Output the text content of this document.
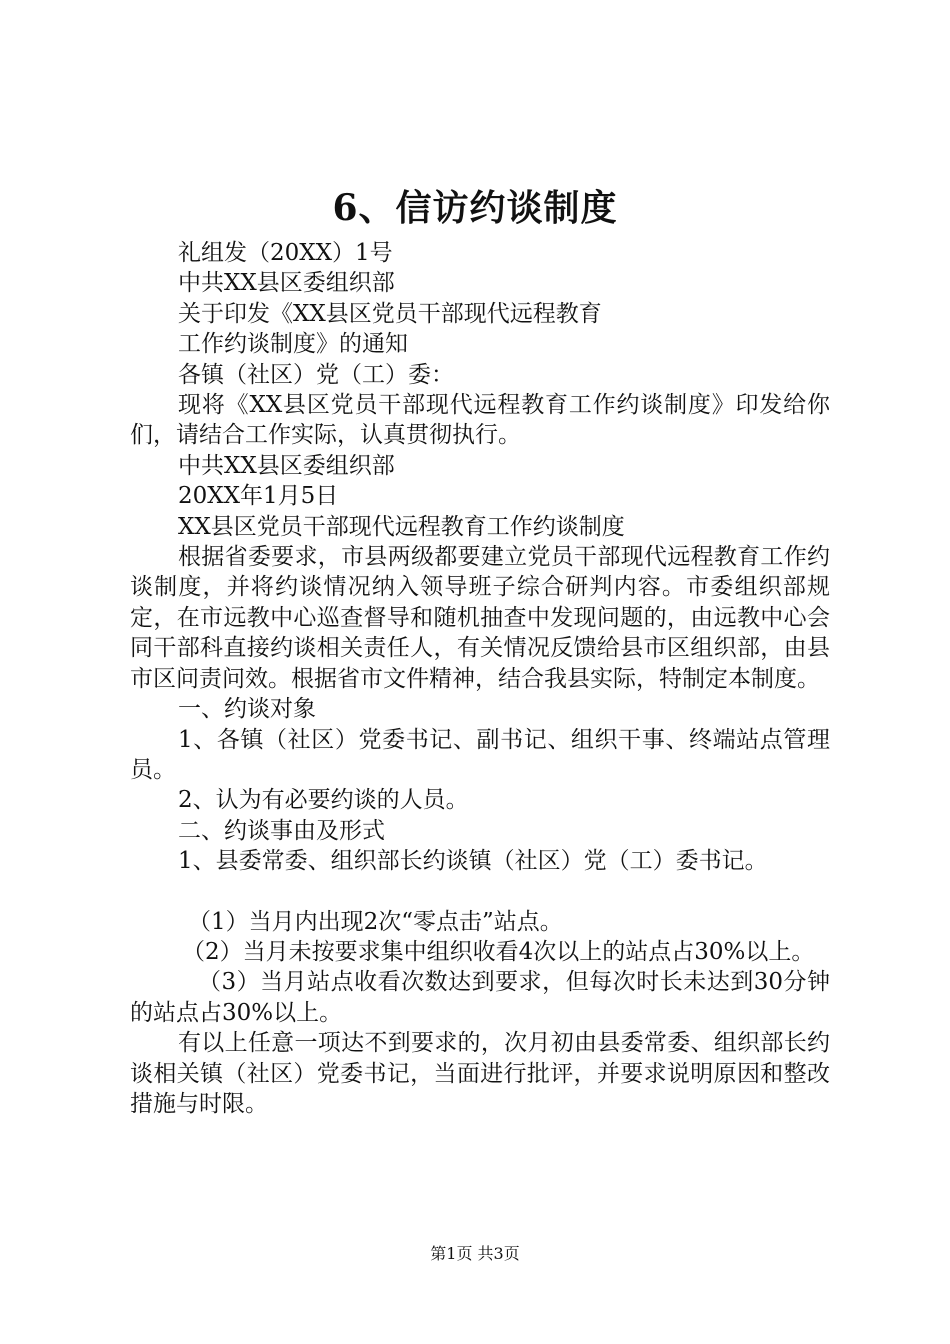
6、信访约谈制度

礼组发（20XX）1号

中共XX县区委组织部

关于印发《XX县区党员干部现代远程教育

工作约谈制度》的通知

各镇（社区）党（工）委：

现将《XX县区党员干部现代远程教育工作约谈制度》印发给你们，请结合工作实际，认真贯彻执行。

中共XX县区委组织部

20XX年1月5日

XX县区党员干部现代远程教育工作约谈制度

根据省委要求，市县两级都要建立党员干部现代远程教育工作约谈制度，并将约谈情况纳入领导班子综合研判内容。市委组织部规定，在市远教中心巡查督导和随机抽查中发现问题的，由远教中心会同干部科直接约谈相关责任人，有关情况反馈给县市区组织部，由县市区问责问效。根据省市文件精神，结合我县实际，特制定本制度。

一、约谈对象

1、各镇（社区）党委书记、副书记、组织干事、终端站点管理员。

2、认为有必要约谈的人员。

二、约谈事由及形式

1、县委常委、组织部长约谈镇（社区）党（工）委书记。

（1）当月内出现2次“零点击”站点。

（2）当月未按要求集中组织收看4次以上的站点占30%以上。

（3）当月站点收看次数达到要求，但每次时长未达到30分钟的站点占30%以上。

有以上任意一项达不到要求的，次月初由县委常委、组织部长约谈相关镇（社区）党委书记，当面进行批评，并要求说明原因和整改措施与时限。

第1页 共3页
